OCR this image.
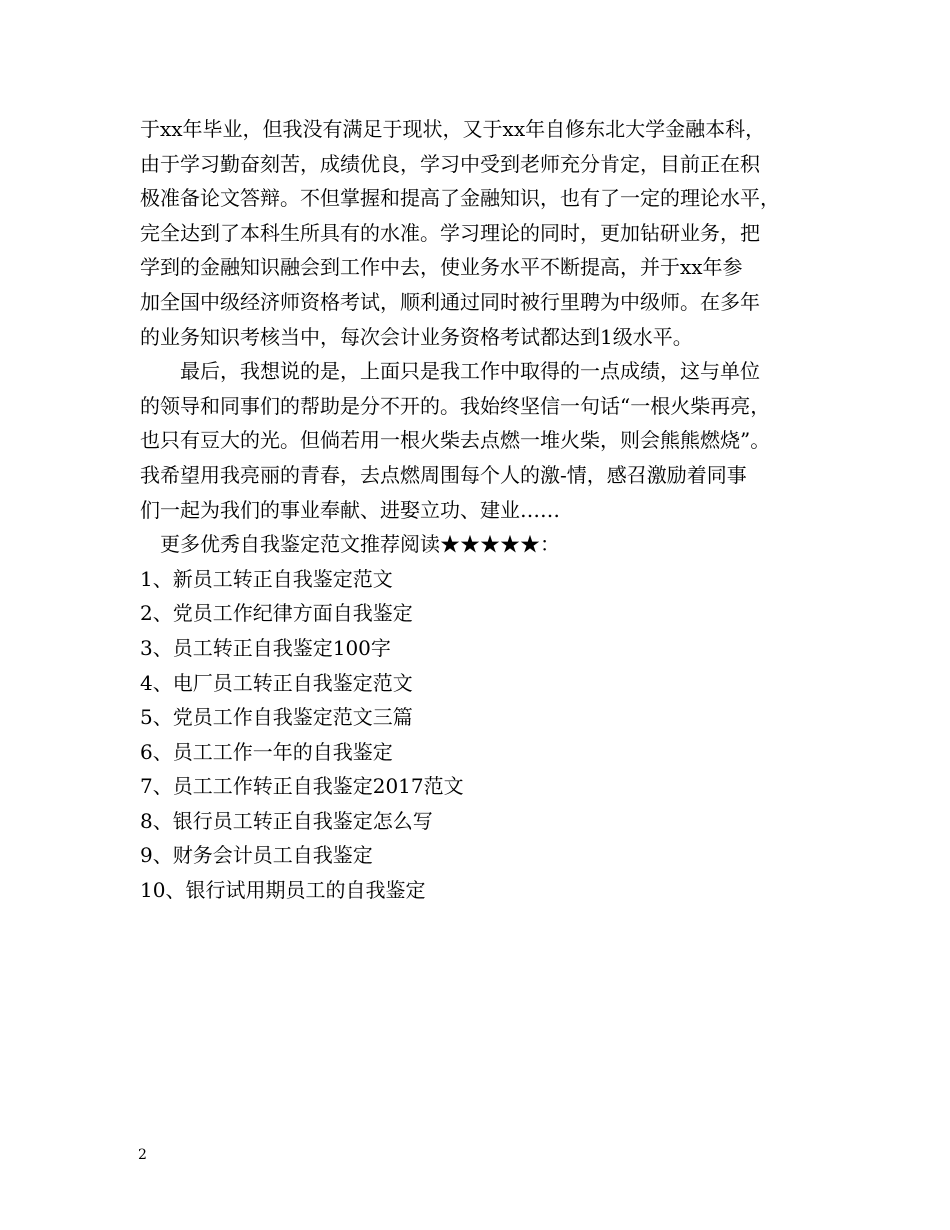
于xx年毕业，但我没有满足于现状，又于xx年自修东北大学金融本科，
由于学习勤奋刻苦，成绩优良，学习中受到老师充分肯定，目前正在积
极准备论文答辩。不但掌握和提高了金融知识，也有了一定的理论水平，
完全达到了本科生所具有的水准。学习理论的同时，更加钻研业务，把
学到的金融知识融会到工作中去，使业务水平不断提高，并于xx年参
加全国中级经济师资格考试，顺利通过同时被行里聘为中级师。在多年
的业务知识考核当中，每次会计业务资格考试都达到1级水平。
最后，我想说的是，上面只是我工作中取得的一点成绩，这与单位
的领导和同事们的帮助是分不开的。我始终坚信一句话“一根火柴再亮，
也只有豆大的光。但倘若用一根火柴去点燃一堆火柴，则会熊熊燃烧”。
我希望用我亮丽的青春，去点燃周围每个人的激-情，感召激励着同事
们一起为我们的事业奉献、进娶立功、建业……
更多优秀自我鉴定范文推荐阅读★★★★★：
1、新员工转正自我鉴定范文
2、党员工作纪律方面自我鉴定
3、员工转正自我鉴定100字
4、电厂员工转正自我鉴定范文
5、党员工作自我鉴定范文三篇
6、员工工作一年的自我鉴定
7、员工工作转正自我鉴定2017范文
8、银行员工转正自我鉴定怎么写
9、财务会计员工自我鉴定
10、银行试用期员工的自我鉴定
2
